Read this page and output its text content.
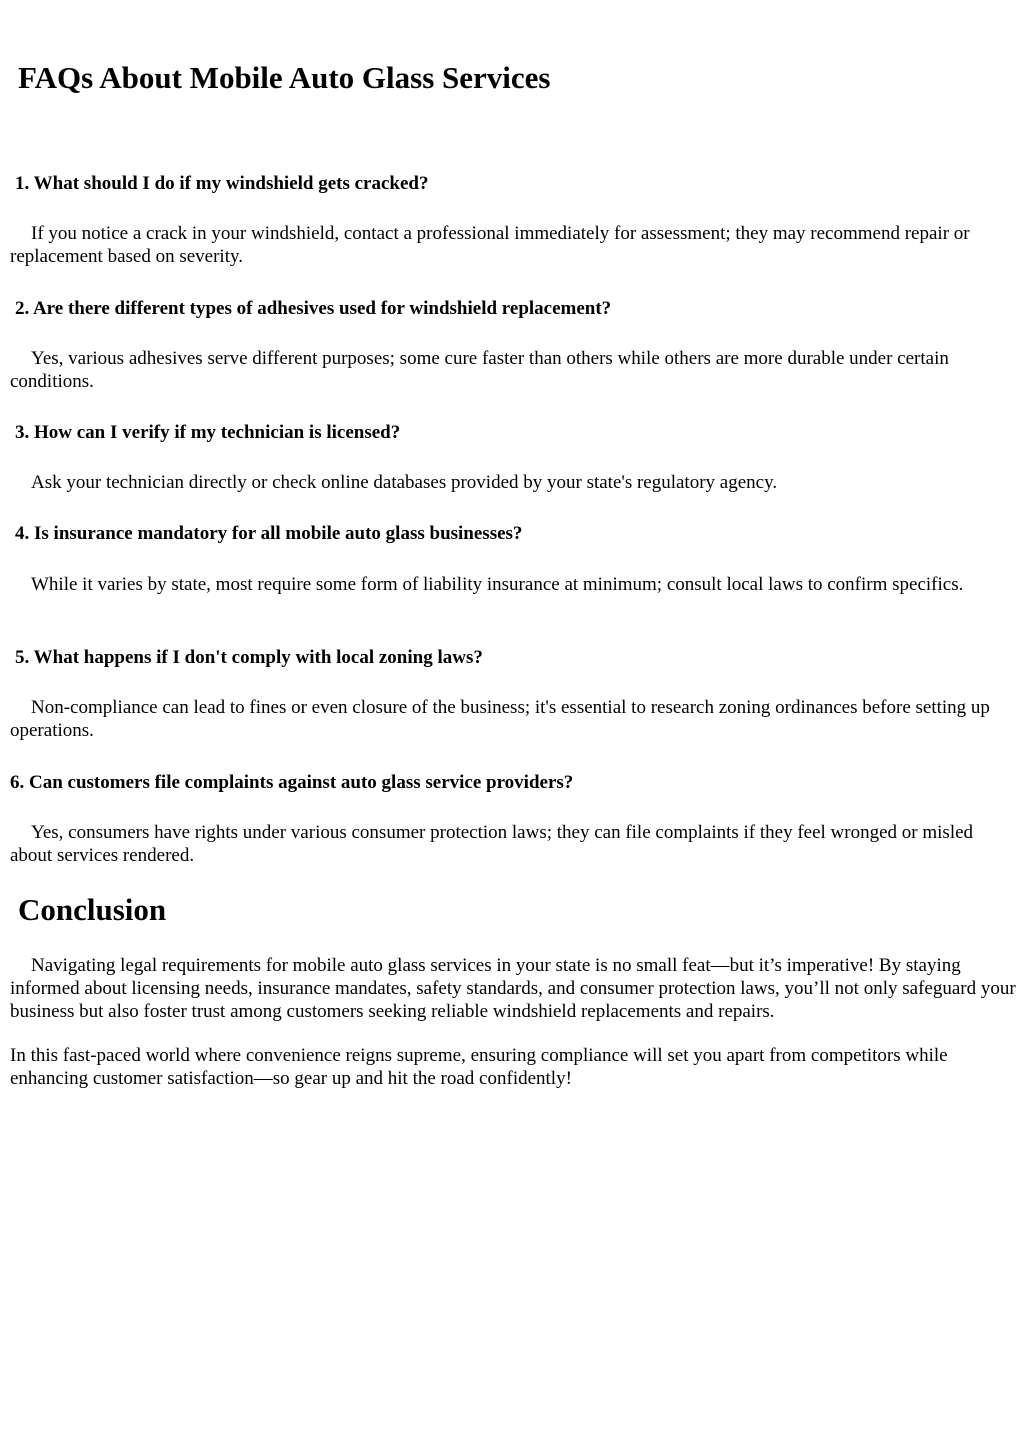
FAQs About Mobile Auto Glass Services
1. What should I do if my windshield gets cracked?

If you notice a crack in your windshield, contact a professional immediately for assessment; they may recommend repair or replacement based on severity.

2. Are there different types of adhesives used for windshield replacement?

Yes, various adhesives serve different purposes; some cure faster than others while others are more durable under certain conditions.

3. How can I verify if my technician is licensed?

Ask your technician directly or check online databases provided by your state's regulatory agency.

4. Is insurance mandatory for all mobile auto glass businesses?

While it varies by state, most require some form of liability insurance at minimum; consult local laws to confirm specifics.

5. What happens if I don't comply with local zoning laws?

Non-compliance can lead to fines or even closure of the business; it's essential to research zoning ordinances before setting up operations.

6. Can customers file complaints against auto glass service providers?

Yes, consumers have rights under various consumer protection laws; they can file complaints if they feel wronged or misled about services rendered.

Conclusion

Navigating legal requirements for mobile auto glass services in your state is no small feat—but it’s imperative! By staying informed about licensing needs, insurance mandates, safety standards, and consumer protection laws, you’ll not only safeguard your business but also foster trust among customers seeking reliable windshield replacements and repairs.

In this fast-paced world where convenience reigns supreme, ensuring compliance will set you apart from competitors while enhancing customer satisfaction—so gear up and hit the road confidently!
